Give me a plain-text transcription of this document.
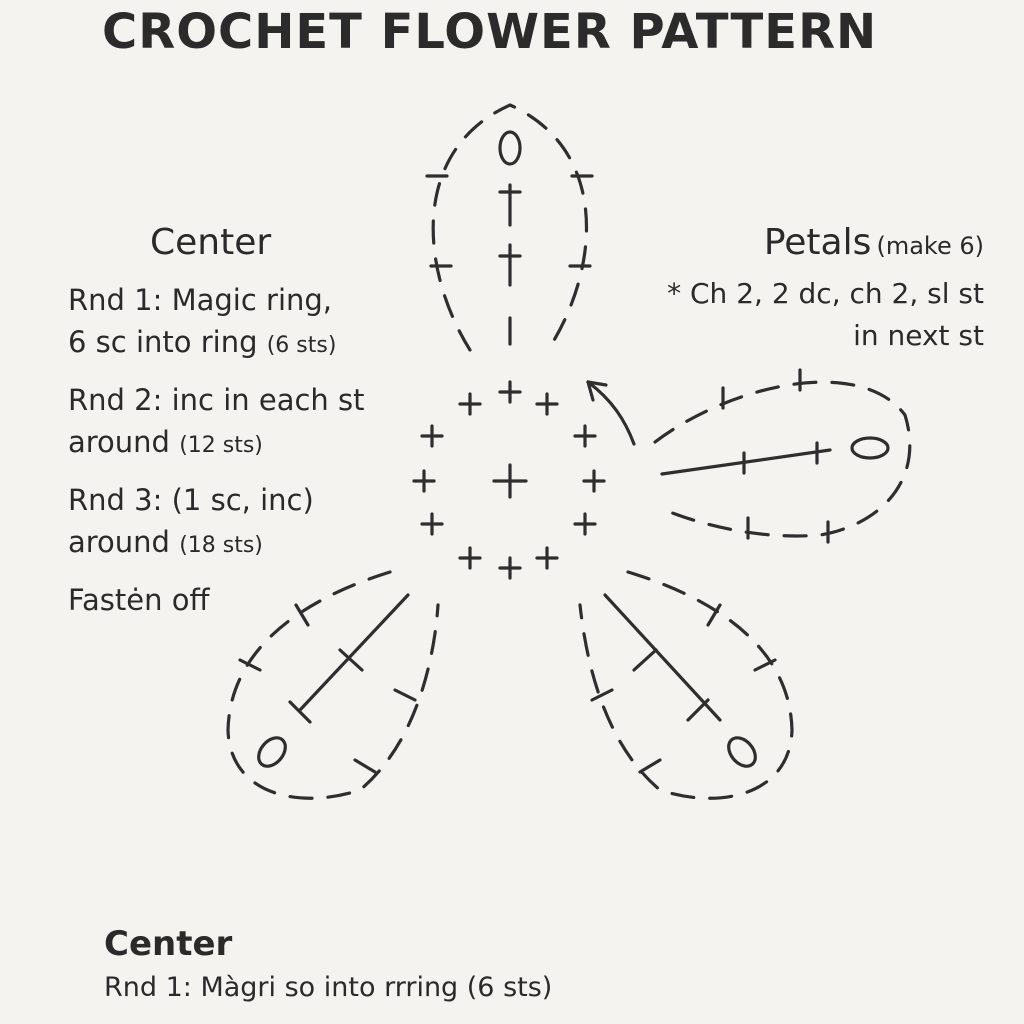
CROCHET FLOWER PATTERN
Center
Rnd 1: Magic ring,
6 sc into ring (6 sts)
Rnd 2: inc in each st
around (12 sts)
Rnd 3: (1 sc, inc)
around (18 sts)
Fastėn off
Petals (make 6)
* Ch 2, 2 dc, ch 2, sl st
in next st
Center
Rnd 1: Màgri so into rrring (6 sts)
